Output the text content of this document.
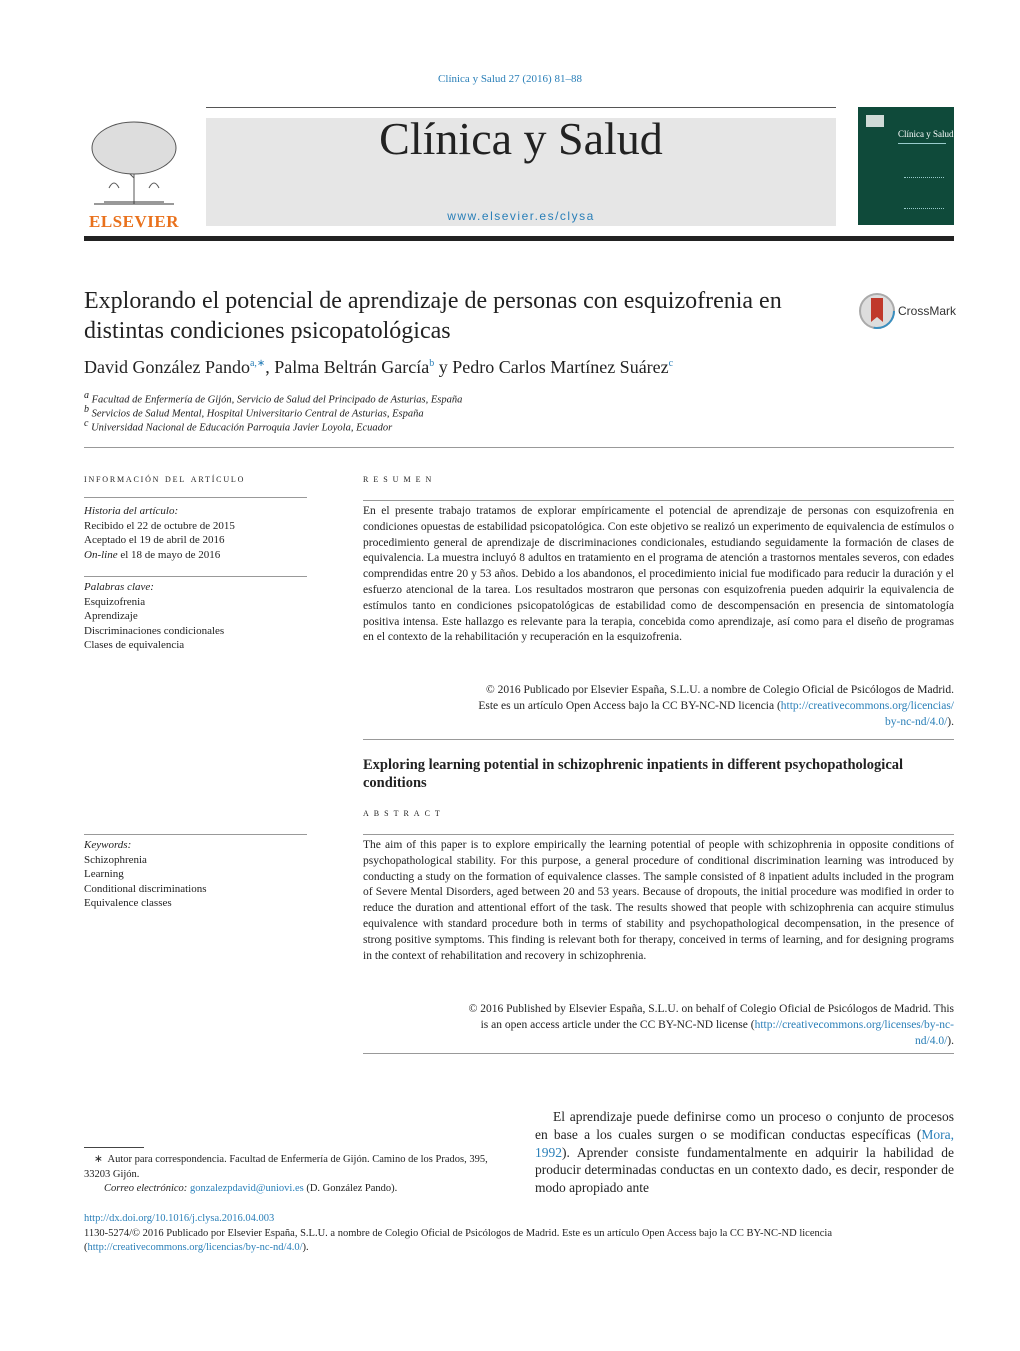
Clínica y Salud 27 (2016) 81–88
ELSEVIER
Clínica y Salud
www.elsevier.es/clysa
Clínica y Salud
Explorando el potencial de aprendizaje de personas con esquizofrenia en distintas condiciones psicopatológicas
CrossMark
David González Pando$^{a,∗}$, Palma Beltrán García$^b$ y Pedro Carlos Martínez Suárez$^c$
$^a$ Facultad de Enfermería de Gijón, Servicio de Salud del Principado de Asturias, España
$^b$ Servicios de Salud Mental, Hospital Universitario Central de Asturias, España
$^c$ Universidad Nacional de Educación Parroquia Javier Loyola, Ecuador
información del artículo
Historia del artículo:
Recibido el 22 de octubre de 2015
Aceptado el 19 de abril de 2016
On-line el 18 de mayo de 2016
Palabras clave:
Esquizofrenia
Aprendizaje
Discriminaciones condicionales
Clases de equivalencia
Keywords:
Schizophrenia
Learning
Conditional discriminations
Equivalence classes
resumen
En el presente trabajo tratamos de explorar empíricamente el potencial de aprendizaje de personas con esquizofrenia en condiciones opuestas de estabilidad psicopatológica. Con este objetivo se realizó un experimento de equivalencia de estímulos o procedimiento general de aprendizaje de discriminaciones condicionales, estudiando seguidamente la formación de clases de equivalencia. La muestra incluyó 8 adultos en tratamiento en el programa de atención a trastornos mentales severos, con edades comprendidas entre 20 y 53 años. Debido a los abandonos, el procedimiento inicial fue modificado para reducir la duración y el esfuerzo atencional de la tarea. Los resultados mostraron que personas con esquizofrenia pueden adquirir la equivalencia de estímulos tanto en condiciones psicopatológicas de estabilidad como de descompensación en presencia de sintomatología positiva intensa. Este hallazgo es relevante para la terapia, concebida como aprendizaje, así como para el diseño de programas en el contexto de la rehabilitación y recuperación en la esquizofrenia.
© 2016 Publicado por Elsevier España, S.L.U. a nombre de Colegio Oficial de Psicólogos de Madrid.
Este es un artículo Open Access bajo la CC BY-NC-ND licencia (http://creativecommons.org/licencias/
by-nc-nd/4.0/).
Exploring learning potential in schizophrenic inpatients in different psychopathological conditions
abstract
The aim of this paper is to explore empirically the learning potential of people with schizophrenia in opposite conditions of psychopathological stability. For this purpose, a general procedure of conditional discrimination learning was introduced by conducting a study on the formation of equivalence classes. The sample consisted of 8 inpatient adults included in the program of Severe Mental Disorders, aged between 20 and 53 years. Because of dropouts, the initial procedure was modified in order to reduce the duration and attentional effort of the task. The results showed that people with schizophrenia can acquire stimulus equivalence with standard procedure both in terms of stability and psychopathological decompensation, in the presence of strong positive symptoms. This finding is relevant both for therapy, conceived in terms of learning, and for designing programs in the context of rehabilitation and recovery in schizophrenia.
© 2016 Published by Elsevier España, S.L.U. on behalf of Colegio Oficial de Psicólogos de Madrid. This
is an open access article under the CC BY-NC-ND license (http://creativecommons.org/licenses/by-nc-
nd/4.0/).
El aprendizaje puede definirse como un proceso o conjunto de procesos en base a los cuales surgen o se modifican conductas específicas (Mora, 1992). Aprender consiste fundamentalmente en adquirir la habilidad de producir determinadas conductas en un contexto dado, es decir, responder de modo apropiado ante
∗ Autor para correspondencia. Facultad de Enfermería de Gijón. Camino de los Prados, 395, 33203 Gijón.
Correo electrónico: gonzalezpdavid@uniovi.es (D. González Pando).
http://dx.doi.org/10.1016/j.clysa.2016.04.003
1130-5274/© 2016 Publicado por Elsevier España, S.L.U. a nombre de Colegio Oficial de Psicólogos de Madrid. Este es un artículo Open Access bajo la CC BY-NC-ND licencia
(http://creativecommons.org/licencias/by-nc-nd/4.0/).
